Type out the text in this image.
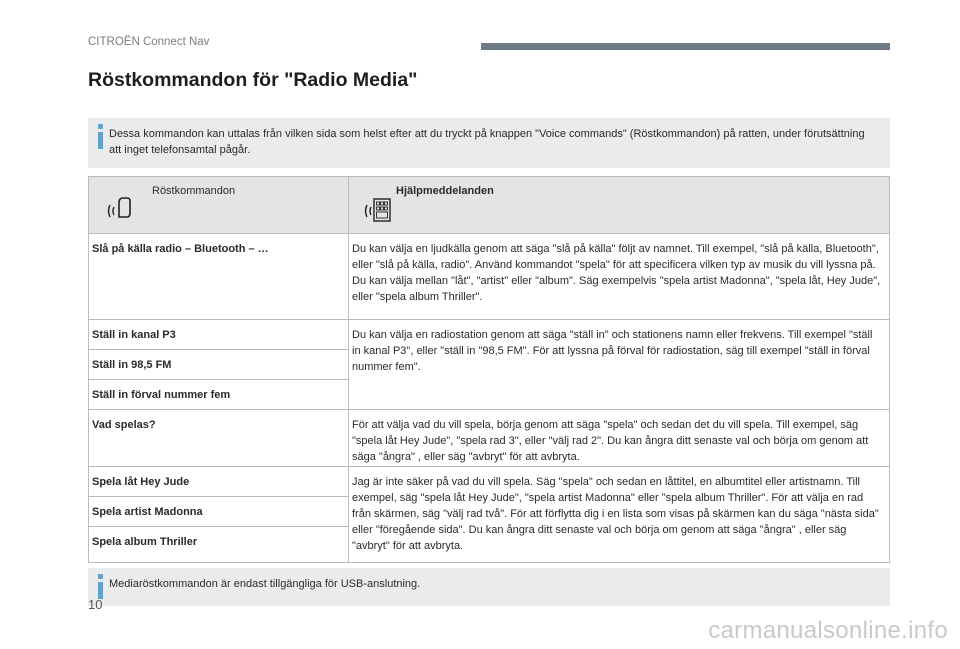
CITROËN Connect Nav
Röstkommandon för "Radio Media"
Dessa kommandon kan uttalas från vilken sida som helst efter att du tryckt på knappen "Voice commands" (Röstkommandon) på ratten, under förutsättning att inget telefonsamtal pågår.
Röstkommandon	Hjälpmeddelanden

Slå på källa radio – Bluetooth – …	Du kan välja en ljudkälla genom att säga "slå på källa" följt av namnet. Till exempel, "slå på källa, Bluetooth", eller "slå på källa, radio". Använd kommandot "spela" för att specificera vilken typ av musik du vill lyssna på. Du kan välja mellan "låt", "artist" eller "album". Säg exempelvis "spela artist Madonna", "spela låt, Hey Jude", eller "spela album Thriller".
Ställ in kanal P3	Du kan välja en radiostation genom att säga "ställ in" och stationens namn eller frekvens. Till exempel "ställ in kanal P3", eller "ställ in "98,5 FM". För att lyssna på förval för radiostation, säg till exempel "ställ in förval nummer fem".
Ställ in 98,5 FM	
Ställ in förval nummer fem	
Vad spelas?	För att välja vad du vill spela, börja genom att säga "spela" och sedan det du vill spela. Till exempel, säg "spela låt Hey Jude", "spela rad 3", eller "välj rad 2". Du kan ångra ditt senaste val och börja om genom att säga "ångra" , eller säg "avbryt" för att avbryta.
Spela låt Hey Jude	Jag är inte säker på vad du vill spela. Säg "spela" och sedan en låttitel, en albumtitel eller artistnamn. Till exempel, säg "spela låt Hey Jude", "spela artist Madonna" eller "spela album Thriller". För att välja en rad från skärmen, säg "välj rad två". För att förflytta dig i en lista som visas på skärmen kan du säga "nästa sida" eller "föregående sida". Du kan ångra ditt senaste val och börja om genom att säga "ångra" , eller säg "avbryt" för att avbryta.
Spela artist Madonna	
Spela album Thriller	
Mediaröstkommandon är endast tillgängliga för USB-anslutning.
10
carmanualsonline.info
